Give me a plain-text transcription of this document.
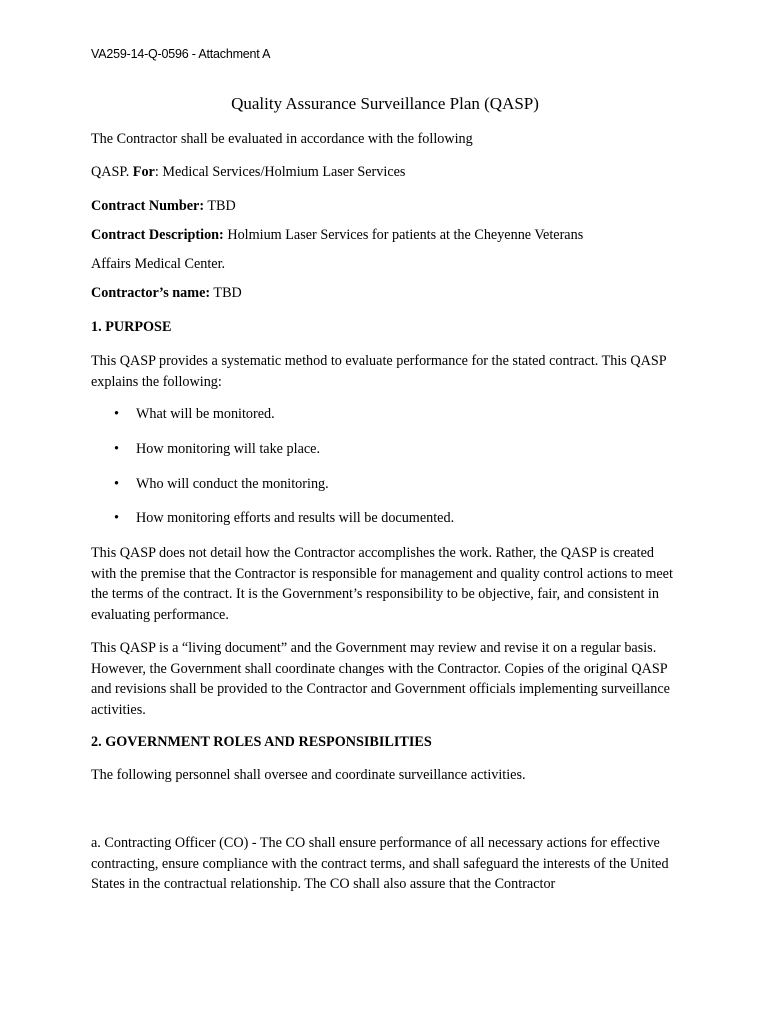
VA259-14-Q-0596 - Attachment A
Quality Assurance Surveillance Plan (QASP)
The Contractor shall be evaluated in accordance with the following
QASP. For: Medical Services/Holmium Laser Services
Contract Number: TBD
Contract Description: Holmium Laser Services for patients at the Cheyenne Veterans
Affairs Medical Center.
Contractor’s name: TBD
1. PURPOSE
This QASP provides a systematic method to evaluate performance for the stated contract. This QASP explains the following:
• What will be monitored.
• How monitoring will take place.
• Who will conduct the monitoring.
• How monitoring efforts and results will be documented.
This QASP does not detail how the Contractor accomplishes the work. Rather, the QASP is created with the premise that the Contractor is responsible for management and quality control actions to meet the terms of the contract. It is the Government’s responsibility to be objective, fair, and consistent in evaluating performance.
This QASP is a “living document” and the Government may review and revise it on a regular basis. However, the Government shall coordinate changes with the Contractor. Copies of the original QASP and revisions shall be provided to the Contractor and Government officials implementing surveillance activities.
2. GOVERNMENT ROLES AND RESPONSIBILITIES
The following personnel shall oversee and coordinate surveillance activities.
a. Contracting Officer (CO) - The CO shall ensure performance of all necessary actions for effective contracting, ensure compliance with the contract terms, and shall safeguard the interests of the United States in the contractual relationship. The CO shall also assure that the Contractor
